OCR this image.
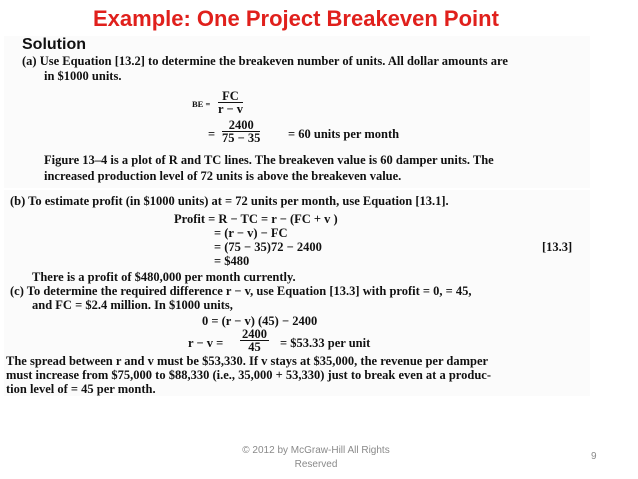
Example: One Project Breakeven Point
Solution
(a) Use Equation [13.2] to determine the breakeven number of units. All dollar amounts are
in $1000 units.
BE = $\frac{FC}{r - v}$
= $\frac{2400}{75 - 35} = 60$ units per month
Figure 13–4 is a plot of R and TC lines. The breakeven value is 60 damper units. The
increased production level of 72 units is above the breakeven value.
(b) To estimate profit (in $1000 units) at = 72 units per month, use Equation [13.1].
Profit = R − TC = r − (FC + v )
= (r − v) − FC
= (75 − 35)72 − 2400	[13.3]
= $480
There is a profit of $480,000 per month currently.
(c) To determine the required difference r − v, use Equation [13.3] with profit = 0, = 45,
and FC = $2.4 million. In $1000 units,
0 = (r − v) (45) − 2400
$r - v = \frac{2400}{45}$ = $53.33 per unit
The spread between r and v must be $53,330. If v stays at $35,000, the revenue per damper
must increase from $75,000 to $88,330 (i.e., 35,000 + 53,330) just to break even at a produc-
tion level of = 45 per month.
© 2012 by McGraw-Hill All Rights Reserved
9
